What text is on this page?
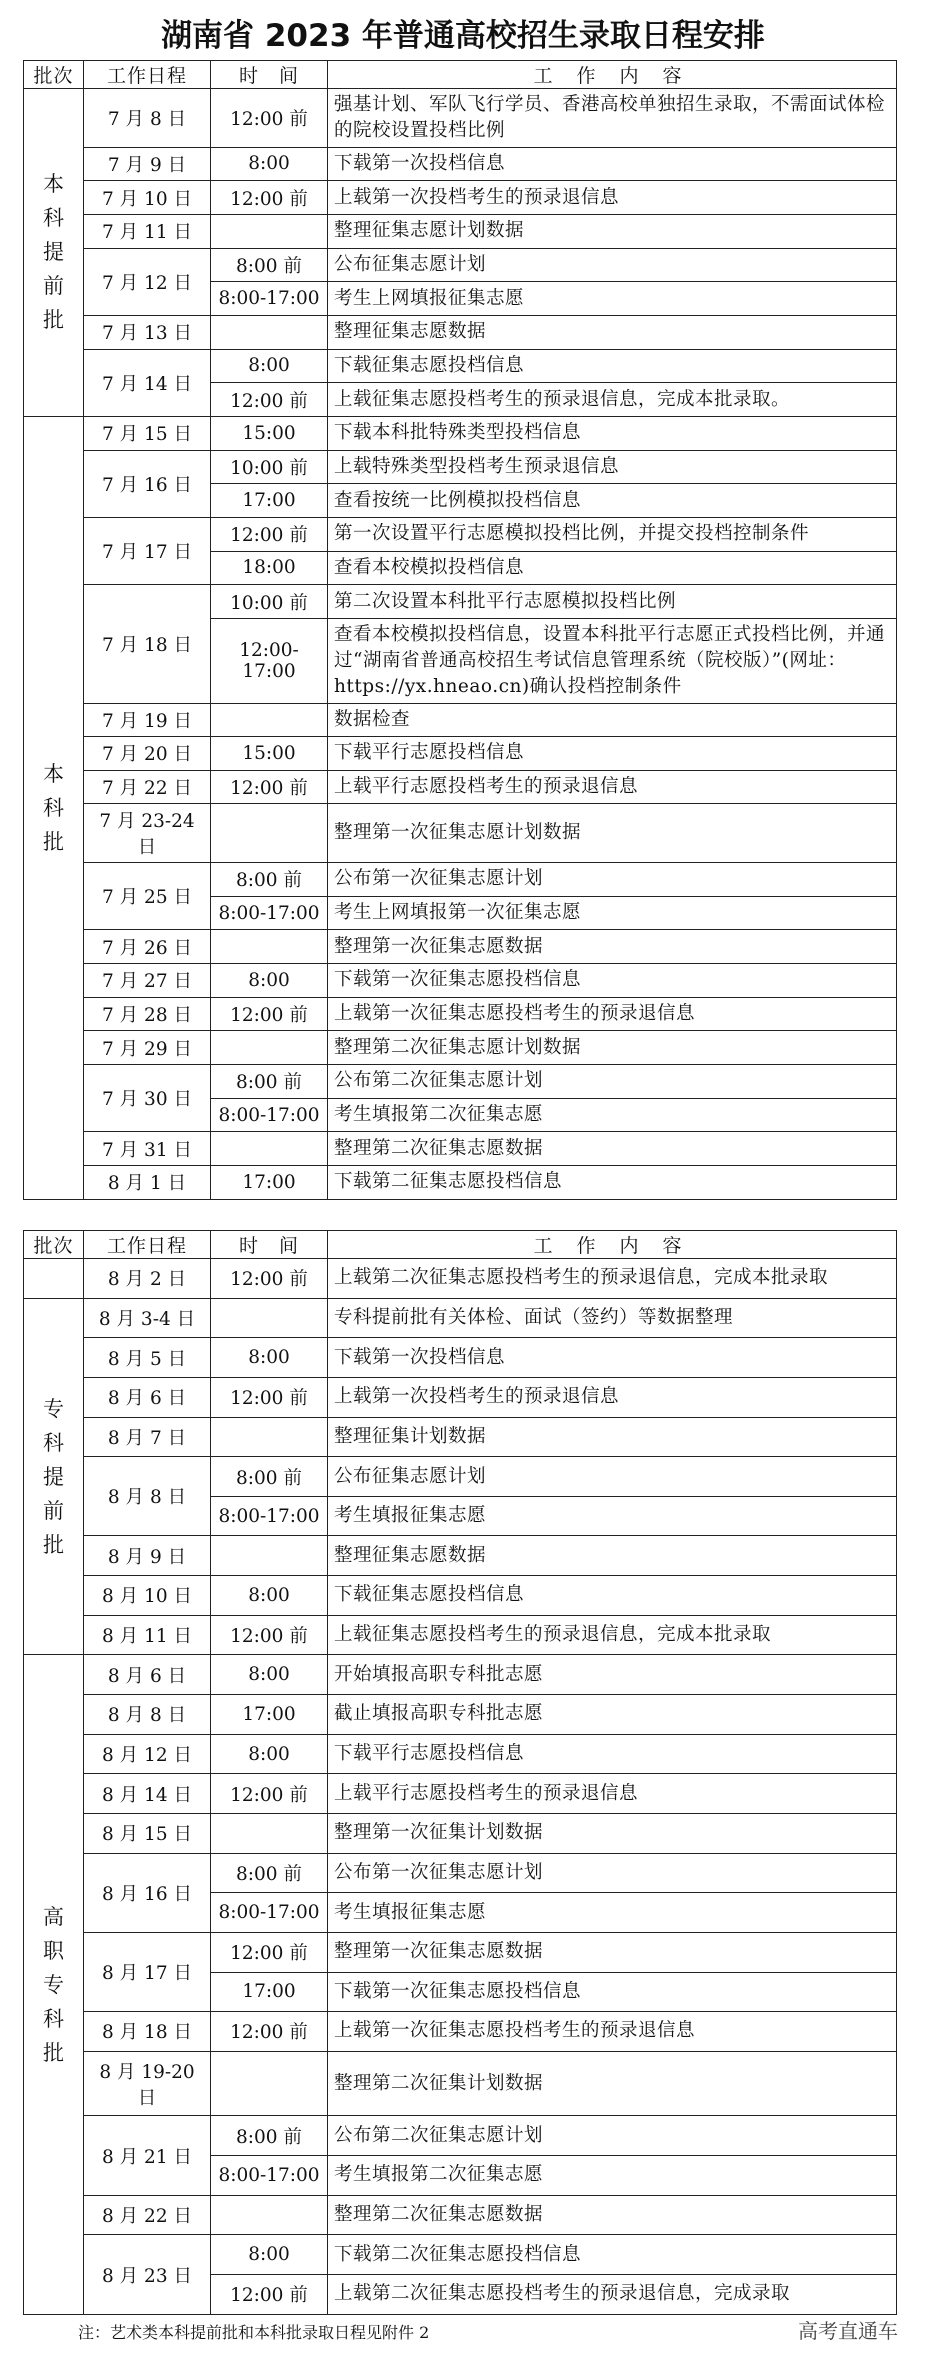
湖南省 2023 年普通高校招生录取日程安排
批次	工作日程	时　间	工 作 内 容
本科提前批	7 月 8 日	12:00 前	强基计划、军队飞行学员、香港高校单独招生录取，不需面试体检的院校设置投档比例
	7 月 9 日	8:00	下载第一次投档信息
	7 月 10 日	12:00 前	上载第一次投档考生的预录退信息
	7 月 11 日		整理征集志愿计划数据
	7 月 12 日	8:00 前	公布征集志愿计划
		8:00-17:00	考生上网填报征集志愿
	7 月 13 日		整理征集志愿数据
	7 月 14 日	8:00	下载征集志愿投档信息
		12:00 前	上载征集志愿投档考生的预录退信息，完成本批录取。
本科批	7 月 15 日	15:00	下载本科批特殊类型投档信息
	7 月 16 日	10:00 前	上载特殊类型投档考生预录退信息
		17:00	查看按统一比例模拟投档信息
	7 月 17 日	12:00 前	第一次设置平行志愿模拟投档比例，并提交投档控制条件
		18:00	查看本校模拟投档信息
	7 月 18 日	10:00 前	第二次设置本科批平行志愿模拟投档比例
		12:00-17:00	查看本校模拟投档信息，设置本科批平行志愿正式投档比例，并通过“湖南省普通高校招生考试信息管理系统（院校版）”(网址：https://yx.hneao.cn)确认投档控制条件
	7 月 19 日		数据检查
	7 月 20 日	15:00	下载平行志愿投档信息
	7 月 22 日	12:00 前	上载平行志愿投档考生的预录退信息
	7 月 23-24 日		整理第一次征集志愿计划数据
	7 月 25 日	8:00 前	公布第一次征集志愿计划
		8:00-17:00	考生上网填报第一次征集志愿
	7 月 26 日		整理第一次征集志愿数据
	7 月 27 日	8:00	下载第一次征集志愿投档信息
	7 月 28 日	12:00 前	上载第一次征集志愿投档考生的预录退信息
	7 月 29 日		整理第二次征集志愿计划数据
	7 月 30 日	8:00 前	公布第二次征集志愿计划
		8:00-17:00	考生填报第二次征集志愿
	7 月 31 日		整理第二次征集志愿数据
	8 月 1 日	17:00	下载第二征集志愿投档信息
批次	工作日程	时　间	工 作 内 容
	8 月 2 日	12:00 前	上载第二次征集志愿投档考生的预录退信息，完成本批录取
专科提前批	8 月 3-4 日		专科提前批有关体检、面试（签约）等数据整理
	8 月 5 日	8:00	下载第一次投档信息
	8 月 6 日	12:00 前	上载第一次投档考生的预录退信息
	8 月 7 日		整理征集计划数据
	8 月 8 日	8:00 前	公布征集志愿计划
		8:00-17:00	考生填报征集志愿
	8 月 9 日		整理征集志愿数据
	8 月 10 日	8:00	下载征集志愿投档信息
	8 月 11 日	12:00 前	上载征集志愿投档考生的预录退信息，完成本批录取
高职专科批	8 月 6 日	8:00	开始填报高职专科批志愿
	8 月 8 日	17:00	截止填报高职专科批志愿
	8 月 12 日	8:00	下载平行志愿投档信息
	8 月 14 日	12:00 前	上载平行志愿投档考生的预录退信息
	8 月 15 日		整理第一次征集计划数据
	8 月 16 日	8:00 前	公布第一次征集志愿计划
		8:00-17:00	考生填报征集志愿
	8 月 17 日	12:00 前	整理第一次征集志愿数据
		17:00	下载第一次征集志愿投档信息
	8 月 18 日	12:00 前	上载第一次征集志愿投档考生的预录退信息
	8 月 19-20 日		整理第二次征集计划数据
	8 月 21 日	8:00 前	公布第二次征集志愿计划
		8:00-17:00	考生填报第二次征集志愿
	8 月 22 日		整理第二次征集志愿数据
	8 月 23 日	8:00	下载第二次征集志愿投档信息
		12:00 前	上载第二次征集志愿投档考生的预录退信息，完成录取
注：艺术类本科提前批和本科批录取日程见附件 2	高考直通车
